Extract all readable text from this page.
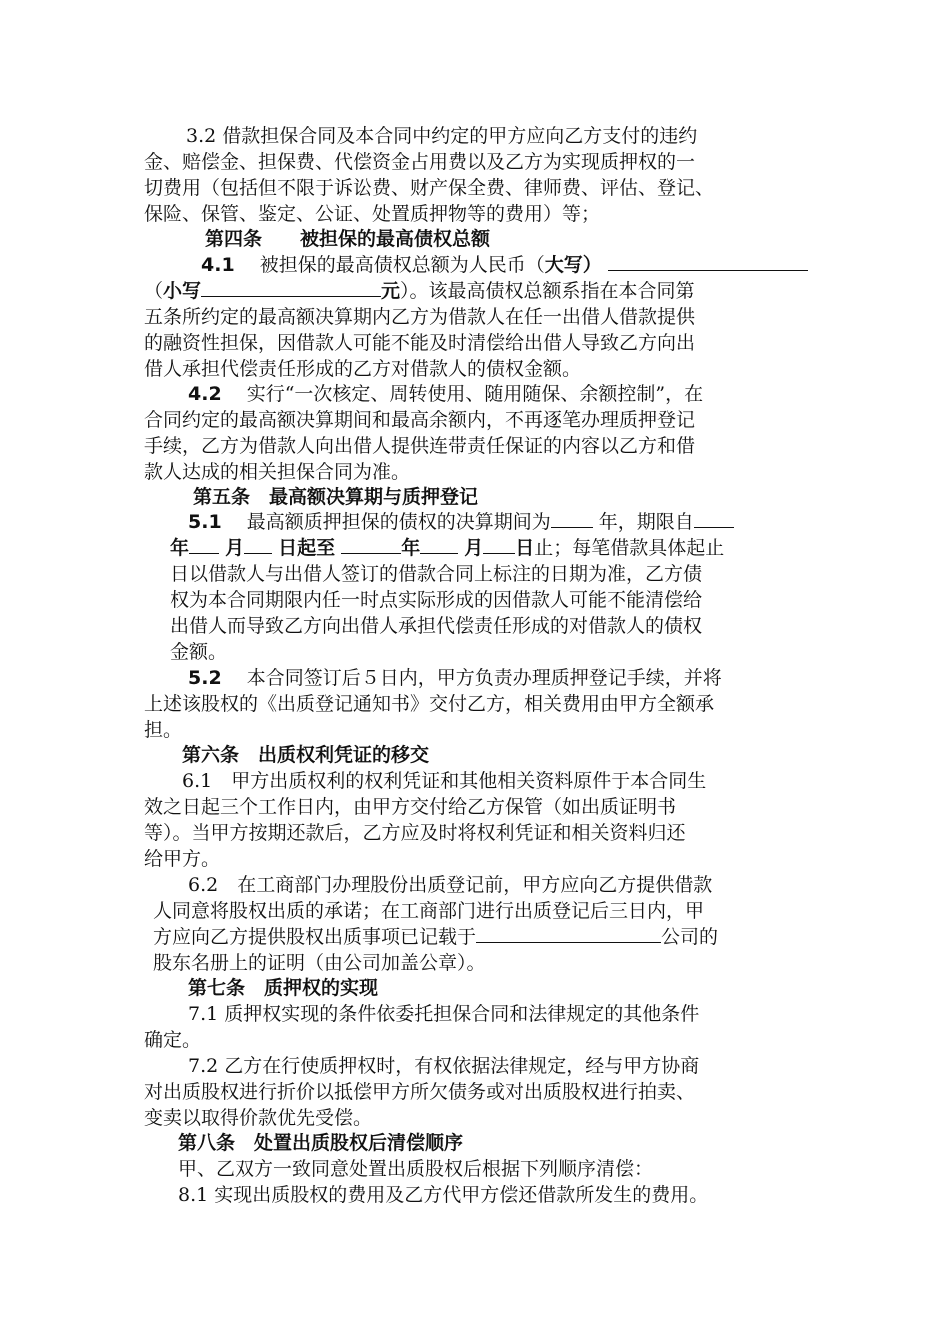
3.2 借款担保合同及本合同中约定的甲方应向乙方支付的违约
金、赔偿金、担保费、代偿资金占用费以及乙方为实现质押权的一
切费用（包括但不限于诉讼费、财产保全费、律师费、评估、登记、
保险、保管、鉴定、公证、处置质押物等的费用）等；
第四条　　被担保的最高债权总额
4.1　 被担保的最高债权总额为人民币（大写）
（小写	元）。该最高债权总额系指在本合同第
五条所约定的最高额决算期内乙方为借款人在任一出借人借款提供
的融资性担保，因借款人可能不能及时清偿给出借人导致乙方向出
借人承担代偿责任形成的乙方对借款人的债权金额。
4.2　 实行“一次核定、周转使用、随用随保、余额控制”，在
合同约定的最高额决算期间和最高余额内，不再逐笔办理质押登记
手续，乙方为借款人向出借人提供连带责任保证的内容以乙方和借
款人达成的相关担保合同为准。
第五条　最高额决算期与质押登记
5.1　 最高额质押担保的债权的决算期间为	年，期限自
年 月 日起至	年 月 日止；每笔借款具体起止
日以借款人与出借人签订的借款合同上标注的日期为准，乙方债
权为本合同期限内任一时点实际形成的因借款人可能不能清偿给
出借人而导致乙方向出借人承担代偿责任形成的对借款人的债权
金额。
5.2　 本合同签订后５日内，甲方负责办理质押登记手续，并将
上述该股权的《出质登记通知书》交付乙方，相关费用由甲方全额承
担。
第六条　出质权利凭证的移交
6.1　甲方出质权利的权利凭证和其他相关资料原件于本合同生
效之日起三个工作日内，由甲方交付给乙方保管（如出质证明书
等）。当甲方按期还款后，乙方应及时将权利凭证和相关资料归还
给甲方。
6.2　在工商部门办理股份出质登记前，甲方应向乙方提供借款
人同意将股权出质的承诺；在工商部门进行出质登记后三日内，甲
方应向乙方提供股权出质事项已记载于	公司的
股东名册上的证明（由公司加盖公章）。
第七条　质押权的实现
7.1 质押权实现的条件依委托担保合同和法律规定的其他条件
确定。
7.2 乙方在行使质押权时，有权依据法律规定，经与甲方协商
对出质股权进行折价以抵偿甲方所欠债务或对出质股权进行拍卖、
变卖以取得价款优先受偿。
第八条　处置出质股权后清偿顺序
甲、乙双方一致同意处置出质股权后根据下列顺序清偿：
8.1 实现出质股权的费用及乙方代甲方偿还借款所发生的费用。
